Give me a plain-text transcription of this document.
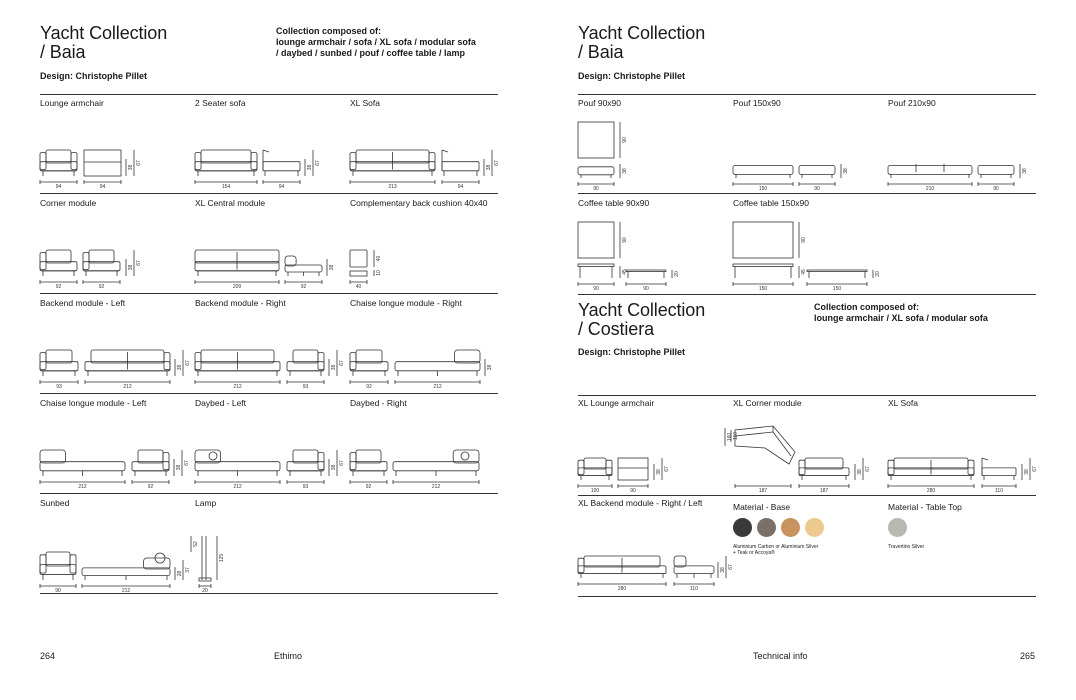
Yacht Collection
/ Baia
Collection composed of:
lounge armchair / sofa / XL sofa / modular sofa
/ daybed / sunbed / pouf / coffee table / lamp
Design: Christophe Pillet
Lounge armchair
94	94
38
67
2 Seater sofa
154	94
38
67
XL Sofa
213	94
38
67
Corner module
92	92
38
67
XL Central module
209	92
38
Complementary back cushion 40x40
40
40
10
Backend module - Left
93	212
38
67
Backend module - Right
212	93
38
67
Chaise longue module - Right
92	212
38
Chaise longue module - Left
212	92
38
67
Daybed - Left
212	93
38
67
Daybed - Right
92	212
Sunbed
90	212
28
37
Lamp
20
52
125
264	Ethimo
Yacht Collection
/ Baia
Design: Christophe Pillet
Pouf 90x90
90
90
38
Pouf 150x90
150	90
38
Pouf 210x90
210	90
38
Coffee table 90x90
90	90
90
45	20
Coffee table 150x90
150	150
90
45	20
Yacht Collection
/ Costiera
Collection composed of:
lounge armchair / XL sofa / modular sofa
Design: Christophe Pillet
XL Lounge armchair
100	90
38
67
XL Corner module
160 110
187	187
38
67
XL Sofa
280	110
38
67
XL Backend module - Right / Left
280	110
38
67
Material - Base
Aluminium Carbon or Aluminium Silver
+ Teak or Accoya®
Material - Table Top
Travertino Silver
Technical info	265
